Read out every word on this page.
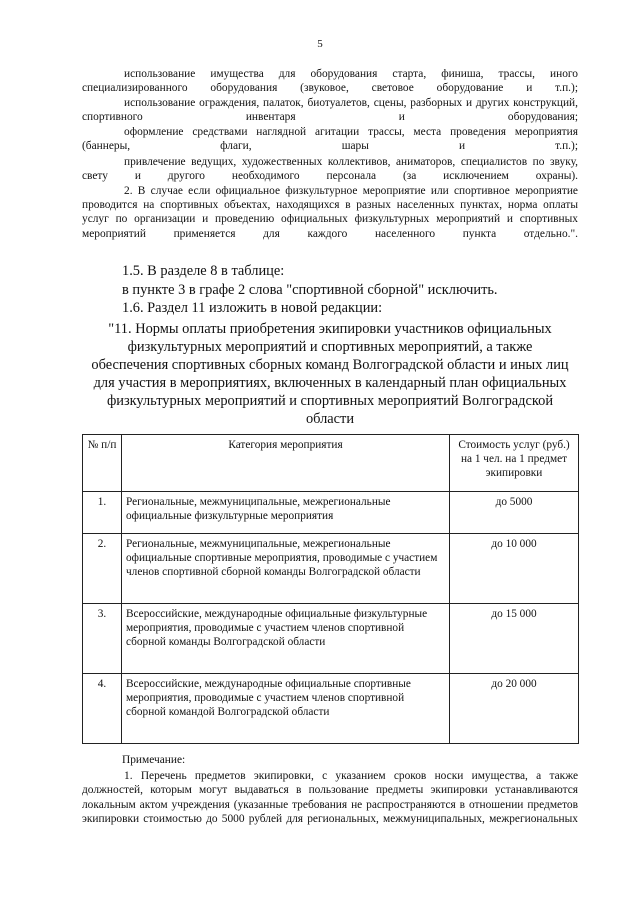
5
использование имущества для оборудования старта, финиша, трассы, иного специализированного оборудования (звуковое, световое оборудование и т.п.);
использование ограждения, палаток, биотуалетов, сцены, разборных и других конструкций, спортивного инвентаря и оборудования;
оформление средствами наглядной агитации трассы, места проведения мероприятия (баннеры, флаги, шары и т.п.);
привлечение ведущих, художественных коллективов, аниматоров, специалистов по звуку, свету и другого необходимого персонала (за исключением охраны).
2. В случае если официальное физкультурное мероприятие или спортивное мероприятие проводится на спортивных объектах, находящихся в разных населенных пунктах, норма оплаты услуг по организации и проведению официальных физкультурных мероприятий и спортивных мероприятий применяется для каждого населенного пункта отдельно.".
1.5. В разделе 8 в таблице:
в пункте 3 в графе 2 слова "спортивной сборной" исключить.
1.6. Раздел 11 изложить в новой редакции:
"11. Нормы оплаты приобретения экипировки участников официальных физкультурных мероприятий и спортивных мероприятий, а также обеспечения спортивных сборных команд Волгоградской области и иных лиц для участия в мероприятиях, включенных в календарный план официальных физкультурных мероприятий и спортивных мероприятий Волгоградской области
№ п/п	Категория мероприятия	Стоимость услуг (руб.) на 1 чел. на 1 предмет экипировки
1.	Региональные, межмуниципальные, межрегиональные официальные физкультурные мероприятия	до 5000
2.	Региональные, межмуниципальные, межрегиональные официальные спортивные мероприятия, проводимые с участием членов спортивной сборной команды Волгоградской области	до 10 000
3.	Всероссийские, международные официальные физкультурные мероприятия, проводимые с участием членов спортивной сборной команды Волгоградской области	до 15 000
4.	Всероссийские, международные официальные спортивные мероприятия, проводимые с участием членов спортивной сборной командой Волгоградской области	до 20 000
Примечание:
1. Перечень предметов экипировки, с указанием сроков носки имущества, а также должностей, которым могут выдаваться в пользование предметы экипировки устанавливаются локальным актом учреждения (указанные требования не распространяются в отношении предметов экипировки стоимостью до 5000 рублей для региональных, межмуниципальных, межрегиональных
